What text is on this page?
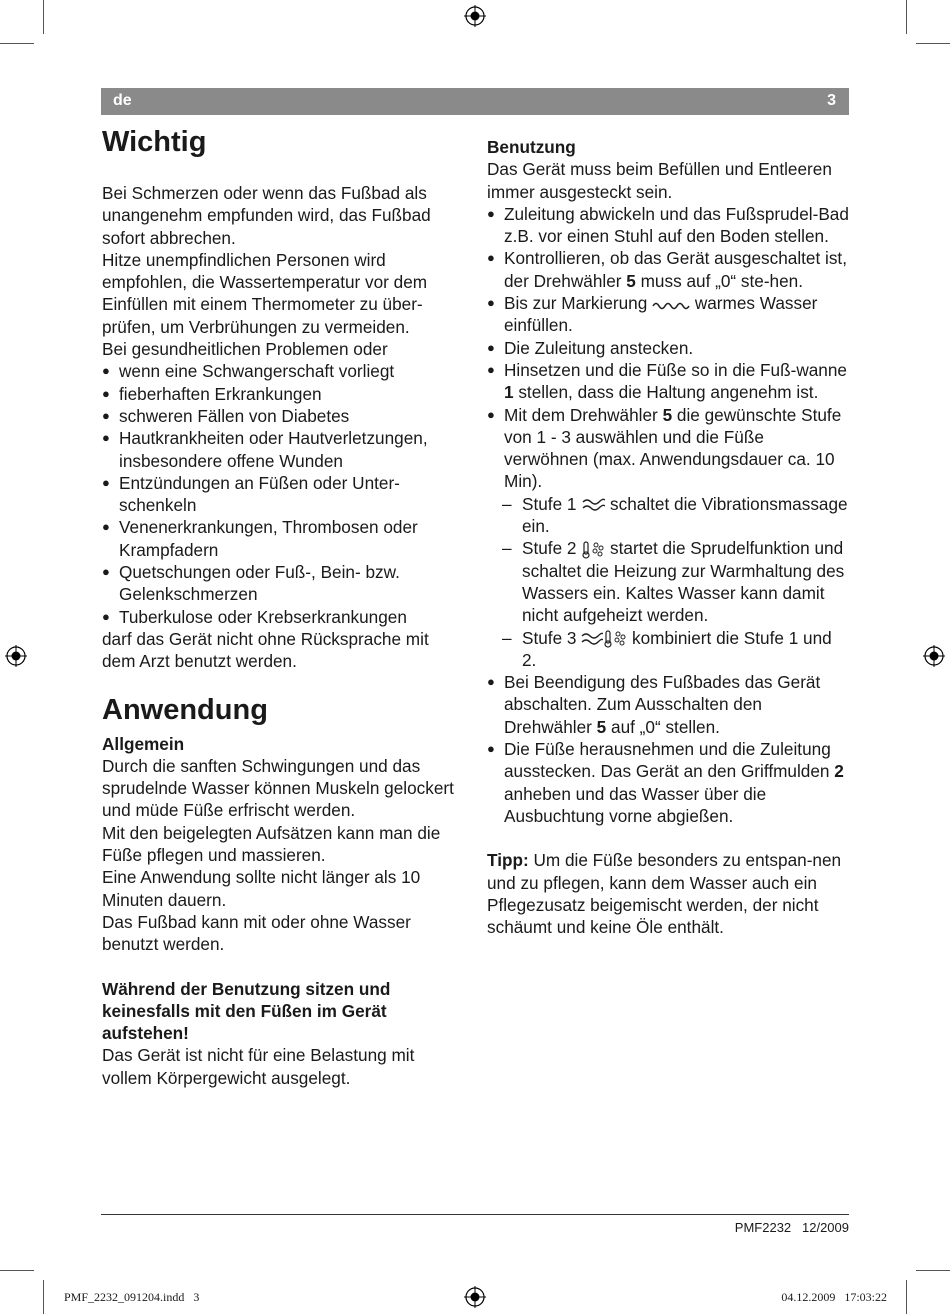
de	3
Wichtig

Bei Schmerzen oder wenn das Fußbad als unangenehm empfunden wird, das Fußbad sofort abbrechen.

Hitze unempfindlichen Personen wird empfohlen, die Wassertemperatur vor dem Einfüllen mit einem Thermometer zu über-prüfen, um Verbrühungen zu vermeiden.

Bei gesundheitlichen Problemen oder

● wenn eine Schwangerschaft vorliegt
● fieberhaften Erkrankungen
● schweren Fällen von Diabetes
● Hautkrankheiten oder Hautverletzungen, insbesondere offene Wunden
● Entzündungen an Füßen oder Unter-schenkeln
● Venenerkrankungen, Thrombosen oder Krampfadern
● Quetschungen oder Fuß-, Bein- bzw. Gelenkschmerzen
● Tuberkulose oder Krebserkrankungen

darf das Gerät nicht ohne Rücksprache mit dem Arzt benutzt werden.

Anwendung

Allgemein

Durch die sanften Schwingungen und das sprudelnde Wasser können Muskeln gelockert und müde Füße erfrischt werden.

Mit den beigelegten Aufsätzen kann man die Füße pflegen und massieren.

Eine Anwendung sollte nicht länger als 10 Minuten dauern.

Das Fußbad kann mit oder ohne Wasser benutzt werden.

Während der Benutzung sitzen und keinesfalls mit den Füßen im Gerät aufstehen!

Das Gerät ist nicht für eine Belastung mit vollem Körpergewicht ausgelegt.

Benutzung

Das Gerät muss beim Befüllen und Entleeren immer ausgesteckt sein.

● Zuleitung abwickeln und das Fußsprudel-Bad z.B. vor einen Stuhl auf den Boden stellen.
● Kontrollieren, ob das Gerät ausgeschaltet ist, der Drehwähler 5 muss auf „0“ ste-hen.
● Bis zur Markierung  warmes Wasser einfüllen.
● Die Zuleitung anstecken.
● Hinsetzen und die Füße so in die Fuß-wanne 1 stellen, dass die Haltung angenehm ist.
● Mit dem Drehwähler 5 die gewünschte Stufe von 1 - 3 auswählen und die Füße verwöhnen (max. Anwendungsdauer ca. 10 Min).
– Stufe 1  schaltet die Vibrationsmassage ein.
– Stufe 2  startet die Sprudelfunktion und schaltet die Heizung zur Warmhaltung des Wassers ein. Kaltes Wasser kann damit nicht aufgeheizt werden.
– Stufe 3	kombiniert die Stufe 1 und 2.
● Bei Beendigung des Fußbades das Gerät abschalten. Zum Ausschalten den Drehwähler 5 auf „0“ stellen.
● Die Füße herausnehmen und die Zuleitung ausstecken. Das Gerät an den Griffmulden 2 anheben und das Wasser über die Ausbuchtung vorne abgießen.

Tipp: Um die Füße besonders zu entspan-nen und zu pflegen, kann dem Wasser auch ein Pflegezusatz beigemischt werden, der nicht schäumt und keine Öle enthält.

PMF2232   12/2009
PMF_2232_091204.indd   3	04.12.2009   17:03:22
